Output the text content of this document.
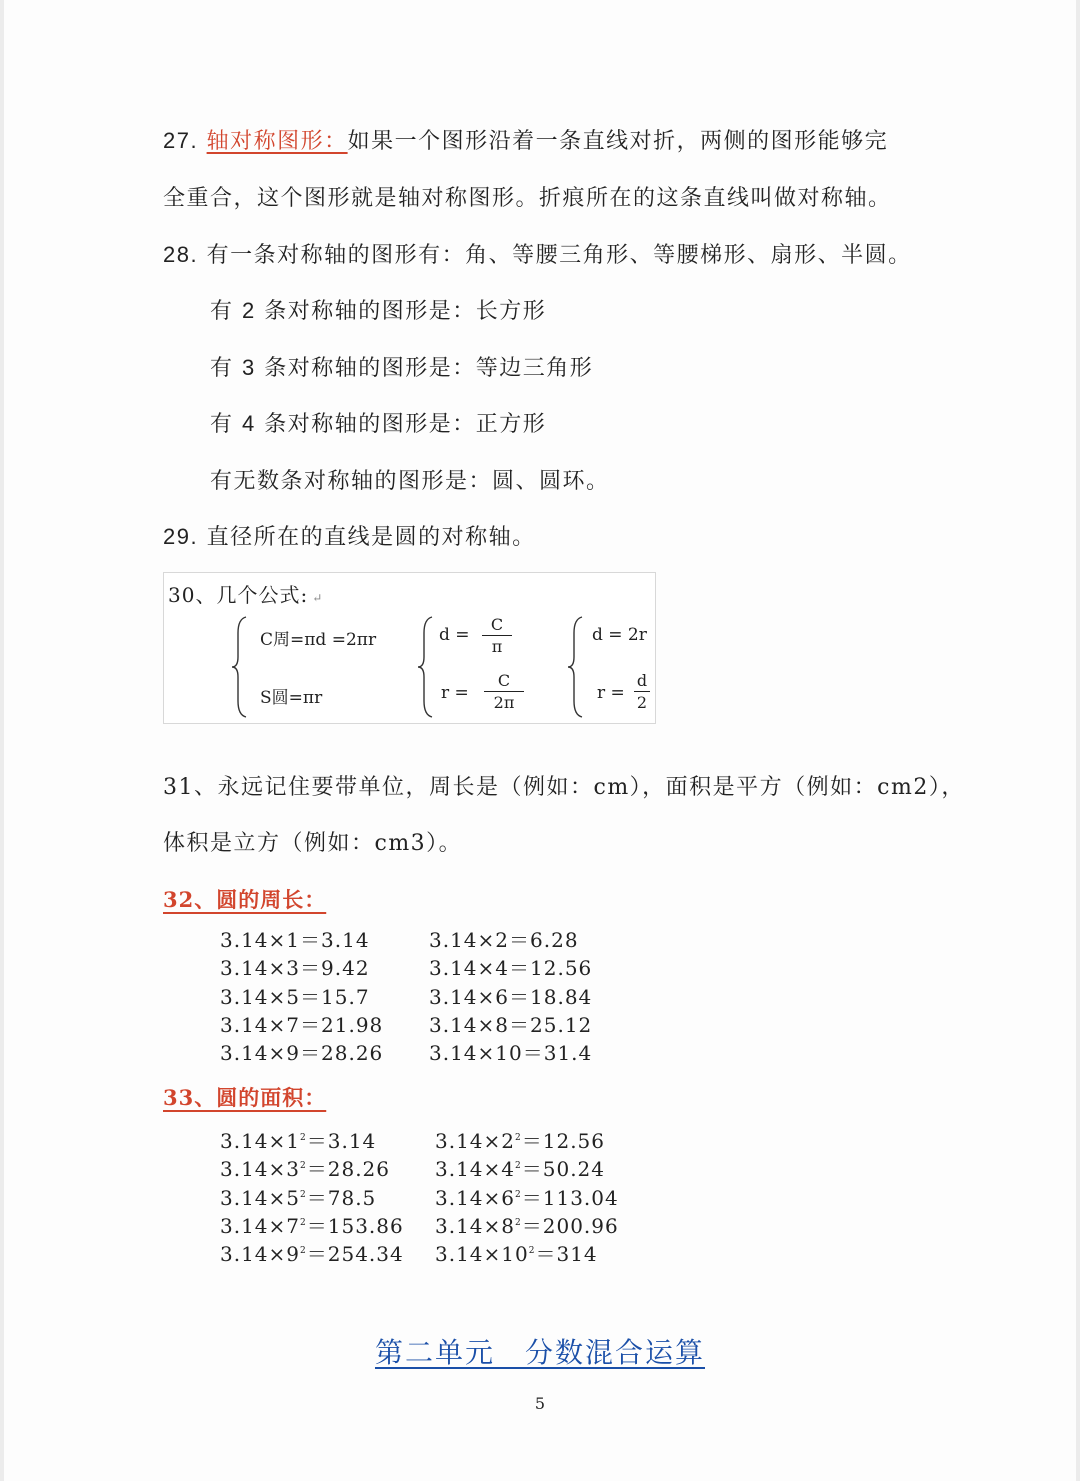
27. 轴对称图形：如果一个图形沿着一条直线对折，两侧的图形能够完
全重合，这个图形就是轴对称图形。折痕所在的这条直线叫做对称轴。
28. 有一条对称轴的图形有：角、等腰三角形、等腰梯形、扇形、半圆。
有 2 条对称轴的图形是：长方形
有 3 条对称轴的图形是：等边三角形
有 4 条对称轴的图形是：正方形
有无数条对称轴的图形是：圆、圆环。
29. 直径所在的直线是圆的对称轴。
30、几个公式: ↵
C周=πd =2πr
S圆=πr
d =
C
π
r =
C
2π
d = 2r
r =
d
2
31、永远记住要带单位，周长是（例如：cm），面积是平方（例如：cm2），
体积是立方（例如：cm3）。
32、圆的周长：
3.14×1＝3.14	3.14×2＝6.28
3.14×3＝9.42	3.14×4＝12.56
3.14×5＝15.7	3.14×6＝18.84
3.14×7＝21.98 3.14×8＝25.12
3.14×9＝28.26 3.14×10＝31.4
33、圆的面积：
$3.14\times 1^2=3.14$	$3.14\times 2^2=12.56$
$3.14\times 3^2=28.26$ $3.14\times 4^2=50.24$
$3.14\times 5^2=78.5$	$3.14\times 6^2=113.04$
$3.14\times 7^2=153.86$ $3.14\times 8^2=200.96$
$3.14\times 9^2=254.34$ $3.14\times 10^2=314$
第二单元　分数混合运算
5
